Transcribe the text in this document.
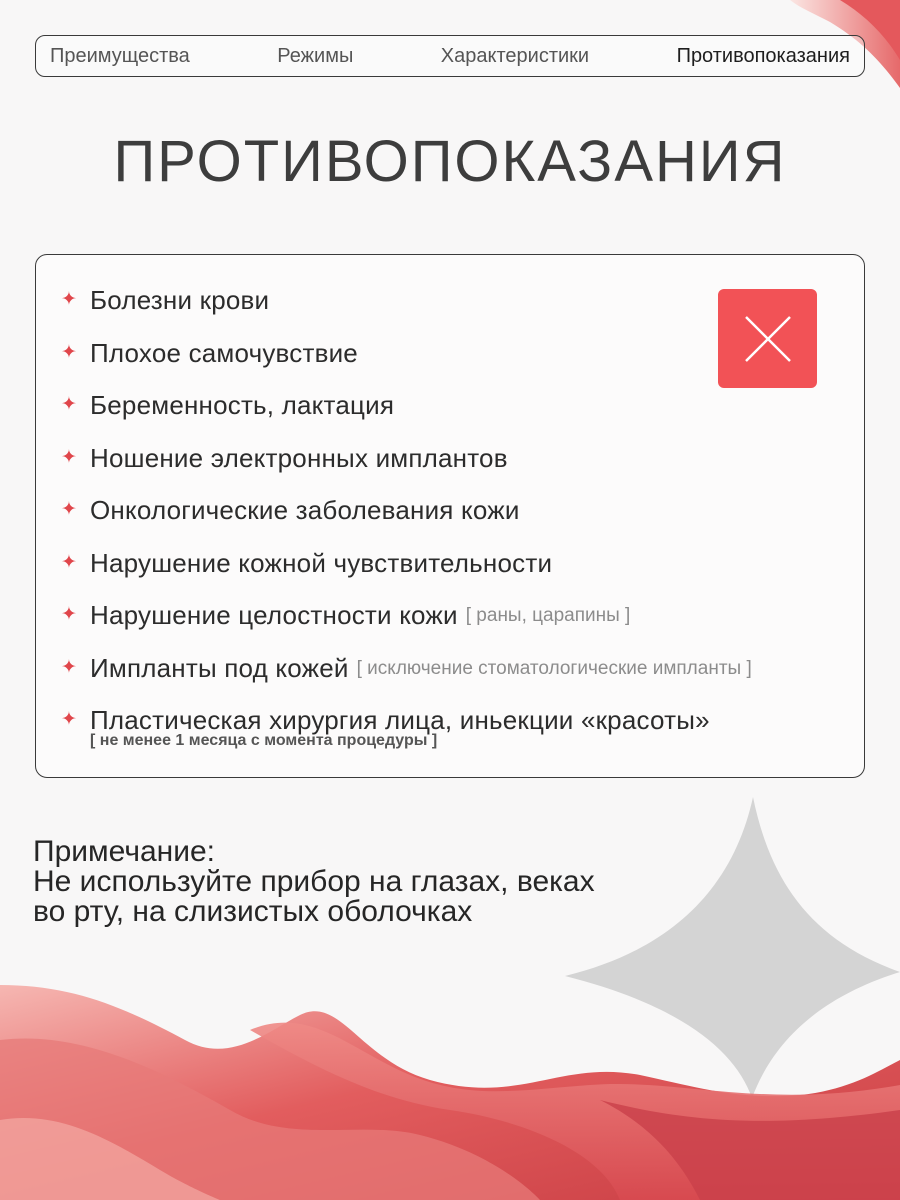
Преимущества	Режимы	Характеристики	Противопоказания
ПРОТИВОПОКАЗАНИЯ
✦ Болезни крови
✦ Плохое самочувствие
✦ Беременность, лактация
✦ Ношение электронных имплантов
✦ Онкологические заболевания кожи
✦ Нарушение кожной чувствительности
✦ Нарушение целостности кожи [ раны, царапины ]
✦ Импланты под кожей [ исключение стоматологические импланты ]
✦ Пластическая хирургия лица, иньекции «красоты»
[ не менее 1 месяца с момента процедуры ]
Примечание:
Не используйте прибор на глазах, веках
во рту, на слизистых оболочках
